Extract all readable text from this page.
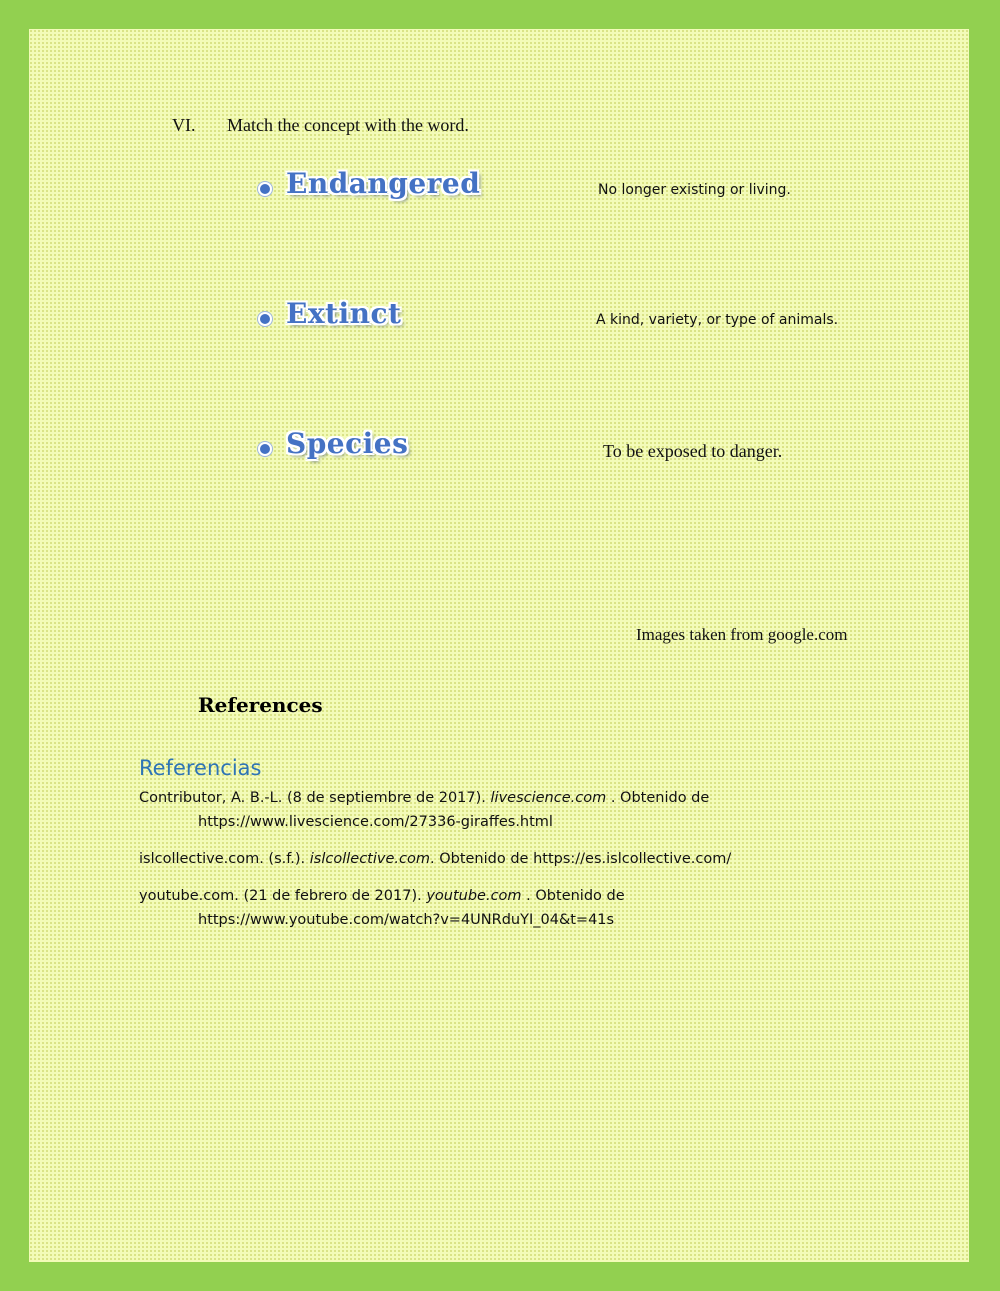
VI. Match the concept with the word.
Endangered	No longer existing or living.
Extinct	A kind, variety, or type of animals.
Species	To be exposed to danger.
Images taken from google.com
References
Referencias
Contributor, A. B.-L. (8 de septiembre de 2017). livescience.com . Obtenido de
https://www.livescience.com/27336-giraffes.html
islcollective.com. (s.f.). islcollective.com. Obtenido de https://es.islcollective.com/
youtube.com. (21 de febrero de 2017). youtube.com . Obtenido de
https://www.youtube.com/watch?v=4UNRduYI_04&t=41s
